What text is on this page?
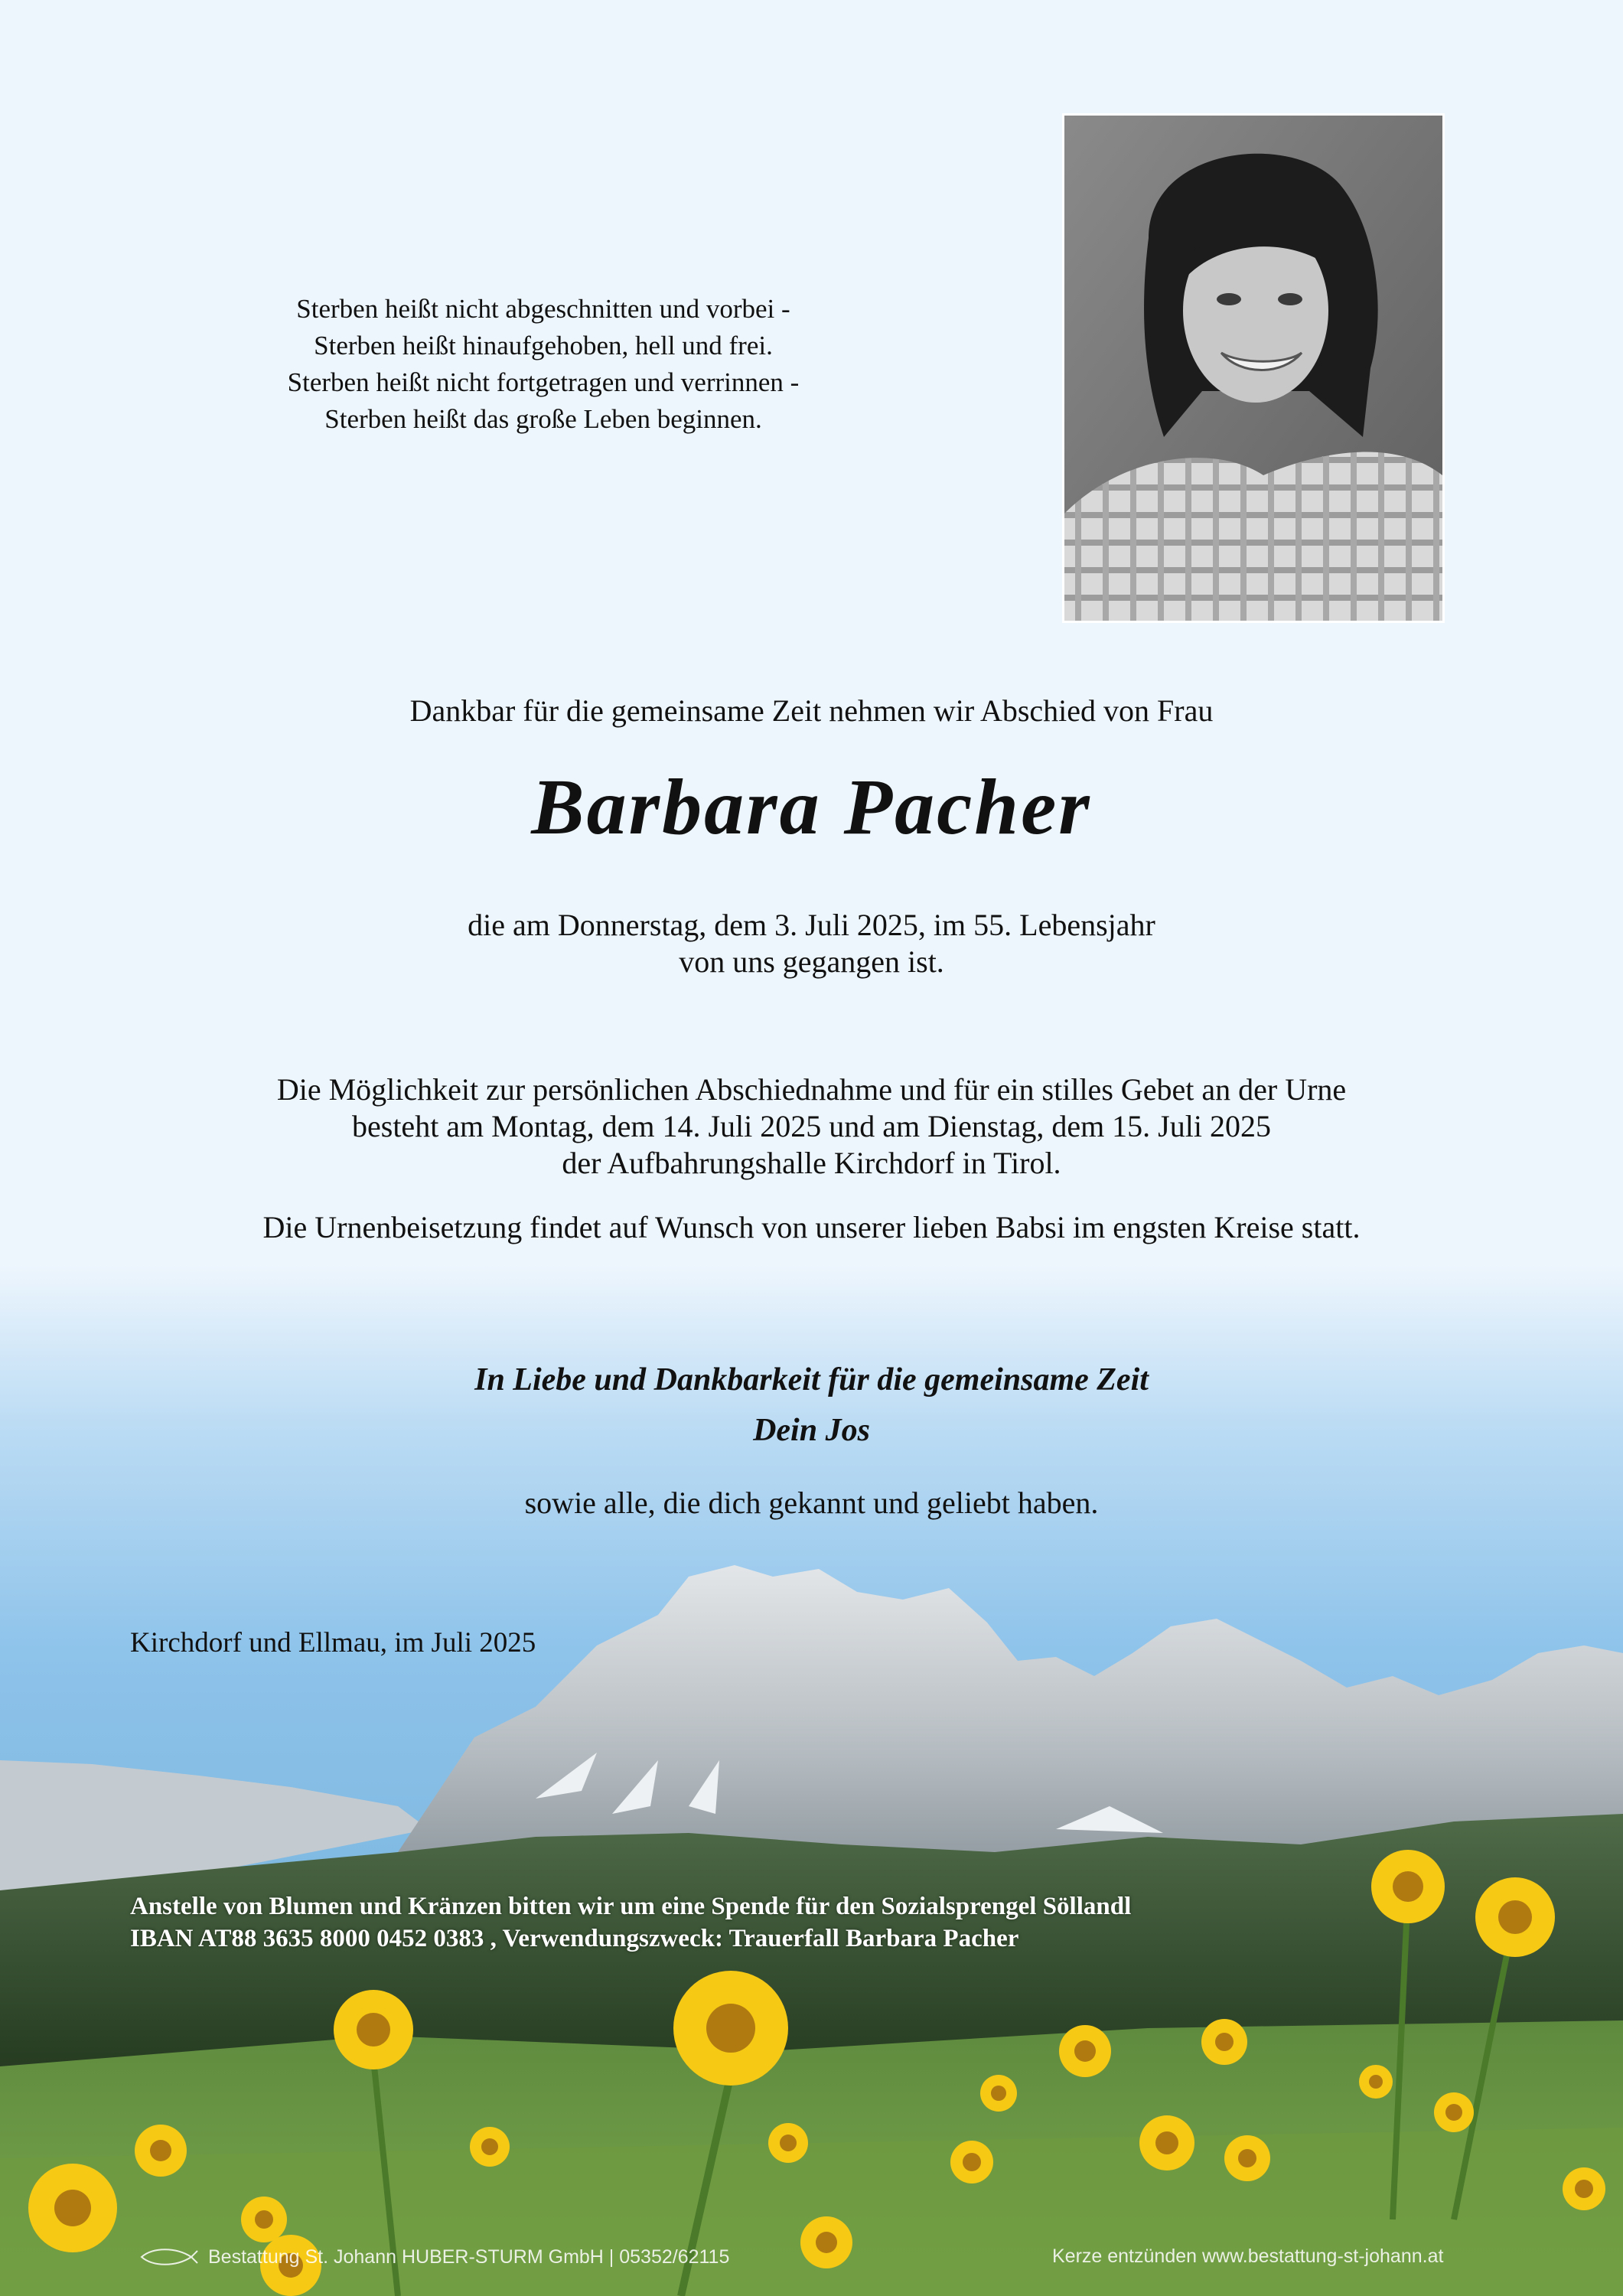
Sterben heißt nicht abgeschnitten und vorbei -
Sterben heißt hinaufgehoben, hell und frei.
Sterben heißt nicht fortgetragen und verrinnen -
Sterben heißt das große Leben beginnen.
Dankbar für die gemeinsame Zeit nehmen wir Abschied von Frau
Barbara Pacher
die am Donnerstag, dem 3. Juli 2025, im 55. Lebensjahr
von uns gegangen ist.
Die Möglichkeit zur persönlichen Abschiednahme und für ein stilles Gebet an der Urne
besteht am Montag, dem 14. Juli 2025 und am Dienstag, dem 15. Juli 2025
der Aufbahrungshalle Kirchdorf in Tirol.
Die Urnenbeisetzung findet auf Wunsch von unserer lieben Babsi im engsten Kreise statt.
In Liebe und Dankbarkeit für die gemeinsame Zeit
Dein Jos
sowie alle, die dich gekannt und geliebt haben.
Kirchdorf und Ellmau, im Juli 2025
Anstelle von Blumen und Kränzen bitten wir um eine Spende für den Sozialsprengel Söllandl
IBAN AT88 3635 8000 0452 0383 , Verwendungszweck: Trauerfall Barbara Pacher
Bestattung St. Johann HUBER-STURM GmbH | 05352/62115	Kerze entzünden www.bestattung-st-johann.at
